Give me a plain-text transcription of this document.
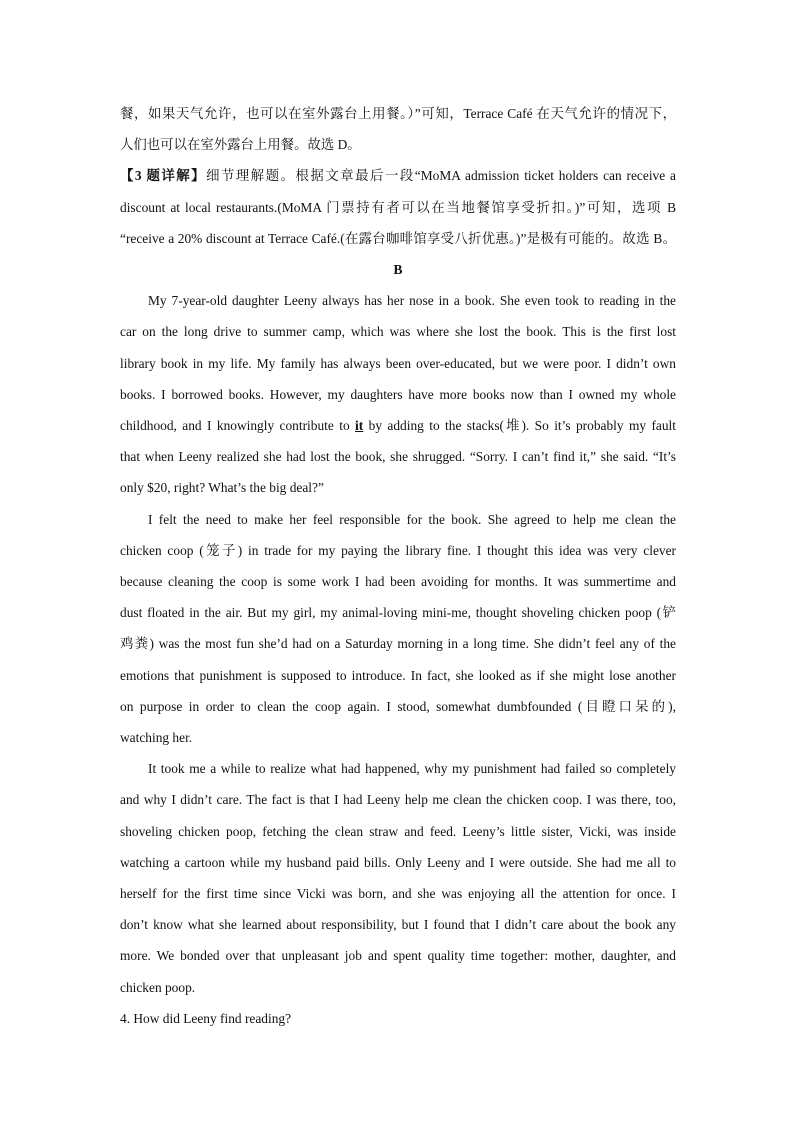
餐，如果天气允许，也可以在室外露台上用餐。）”可知，Terrace Café 在天气允许的情况下，
人们也可以在室外露台上用餐。故选 D。
【3 题详解】细节理解题。根据文章最后一段“MoMA admission ticket holders can receive a
discount at local restaurants.(MoMA 门票持有者可以在当地餐馆享受折扣。)”可知，选项 B
“receive a 20% discount at Terrace Café.(在露台咖啡馆享受八折优惠。)”是极有可能的。故选 B。
B
My 7-year-old daughter Leeny always has her nose in a book. She even took to reading in the
car on the long drive to summer camp, which was where she lost the book. This is the first lost
library book in my life. My family has always been over-educated, but we were poor. I didn’t own
books. I borrowed books. However, my daughters have more books now than I owned my whole
childhood, and I knowingly contribute to it by adding to the stacks(堆). So it’s probably my fault
that when Leeny realized she had lost the book, she shrugged. “Sorry. I can’t find it,” she said. “It’s
only $20, right? What’s the big deal?”
I felt the need to make her feel responsible for the book. She agreed to help me clean the
chicken coop (笼子) in trade for my paying the library fine. I thought this idea was very clever
because cleaning the coop is some work I had been avoiding for months. It was summertime and
dust floated in the air. But my girl, my animal-loving mini-me, thought shoveling chicken poop (铲
鸡粪) was the most fun she’d had on a Saturday morning in a long time. She didn’t feel any of the
emotions that punishment is supposed to introduce. In fact, she looked as if she might lose another
on purpose in order to clean the coop again. I stood, somewhat dumbfounded (目瞪口呆的),
watching her.
It took me a while to realize what had happened, why my punishment had failed so completely
and why I didn’t care. The fact is that I had Leeny help me clean the chicken coop. I was there, too,
shoveling chicken poop, fetching the clean straw and feed. Leeny’s little sister, Vicki, was inside
watching a cartoon while my husband paid bills. Only Leeny and I were outside. She had me all to
herself for the first time since Vicki was born, and she was enjoying all the attention for once. I
don’t know what she learned about responsibility, but I found that I didn’t care about the book any
more. We bonded over that unpleasant job and spent quality time together: mother, daughter, and
chicken poop.
4. How did Leeny find reading?
